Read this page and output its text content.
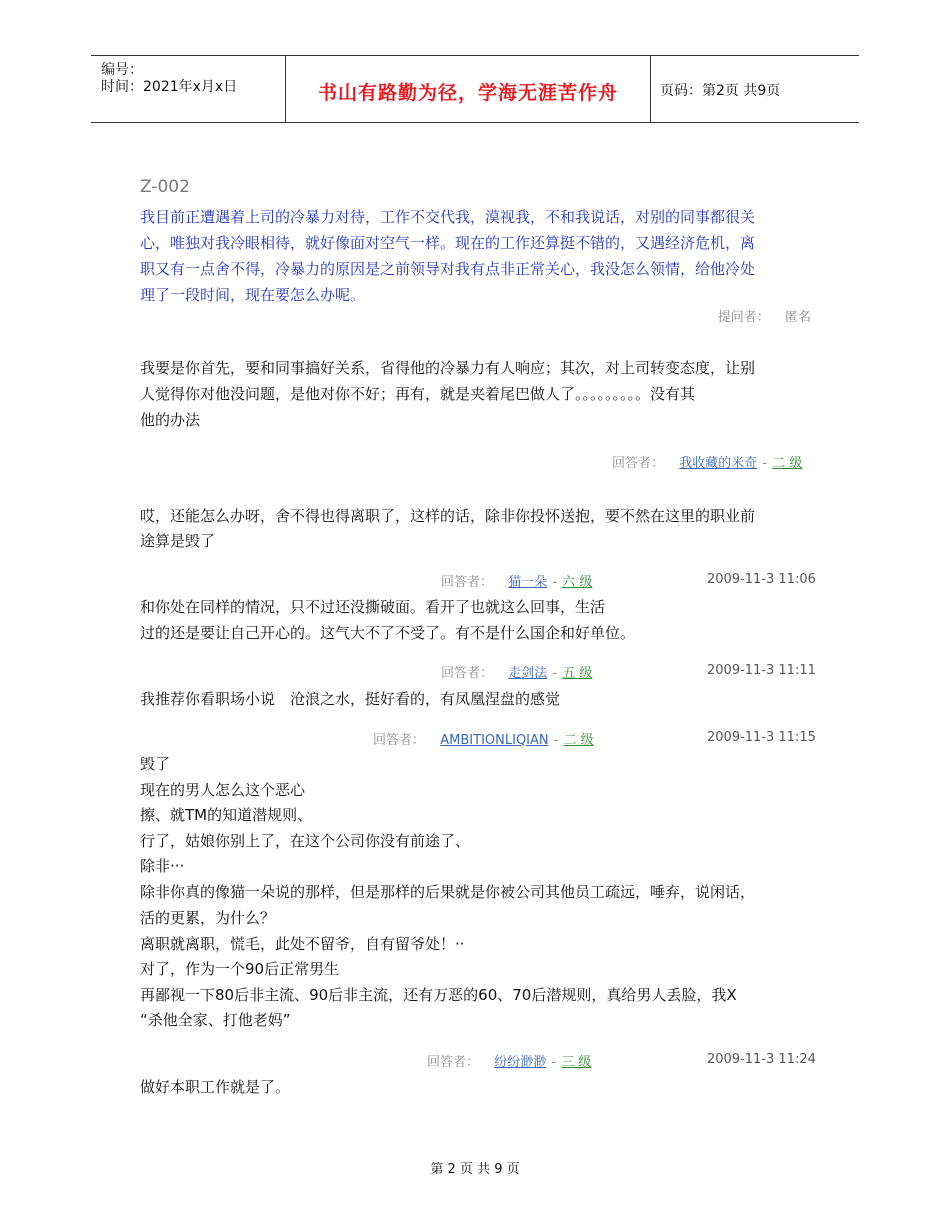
编号：
时间：2021年x月x日	书山有路勤为径，学海无涯苦作舟	页码：第2页 共9页
Z-002
我目前正遭遇着上司的冷暴力对待，工作不交代我，漠视我，不和我说话，对别的同事都很关
心，唯独对我冷眼相待，就好像面对空气一样。现在的工作还算挺不错的，又遇经济危机，离
职又有一点舍不得，冷暴力的原因是之前领导对我有点非正常关心，我没怎么领情，给他冷处
理了一段时间，现在要怎么办呢。
提问者： 匿名
我要是你首先，要和同事搞好关系，省得他的冷暴力有人响应；其次，对上司转变态度，让别
人觉得你对他没问题，是他对你不好；再有，就是夹着尾巴做人了。。。。。。。。。没有其
他的办法
回答者： 我收藏的米奇 - 二 级
哎，还能怎么办呀，舍不得也得离职了，这样的话，除非你投怀送抱，要不然在这里的职业前
途算是毁了
回答者： 猫一朵 - 六 级	2009-11-3 11:06
和你处在同样的情况，只不过还没撕破面。看开了也就这么回事，生活
过的还是要让自己开心的。这气大不了不受了。有不是什么国企和好单位。
回答者： 走剑法 - 五 级	2009-11-3 11:11
我推荐你看职场小说　沧浪之水，挺好看的，有凤凰涅盘的感觉
回答者： AMBITIONLIQIAN - 二 级	2009-11-3 11:15
毁了
现在的男人怎么这个恶心
擦、就TM的知道潜规则、
行了，姑娘你别上了，在这个公司你没有前途了、
除非···
除非你真的像猫一朵说的那样，但是那样的后果就是你被公司其他员工疏远，唾弃，说闲话，
活的更累，为什么？
离职就离职，慌毛，此处不留爷，自有留爷处！··
对了，作为一个90后正常男生
再鄙视一下80后非主流、90后非主流，还有万恶的60、70后潜规则，真给男人丢脸，我X
“杀他全家、打他老妈”
回答者： 纷纷渺渺 - 三 级	2009-11-3 11:24
做好本职工作就是了。
第 2 页 共 9 页
